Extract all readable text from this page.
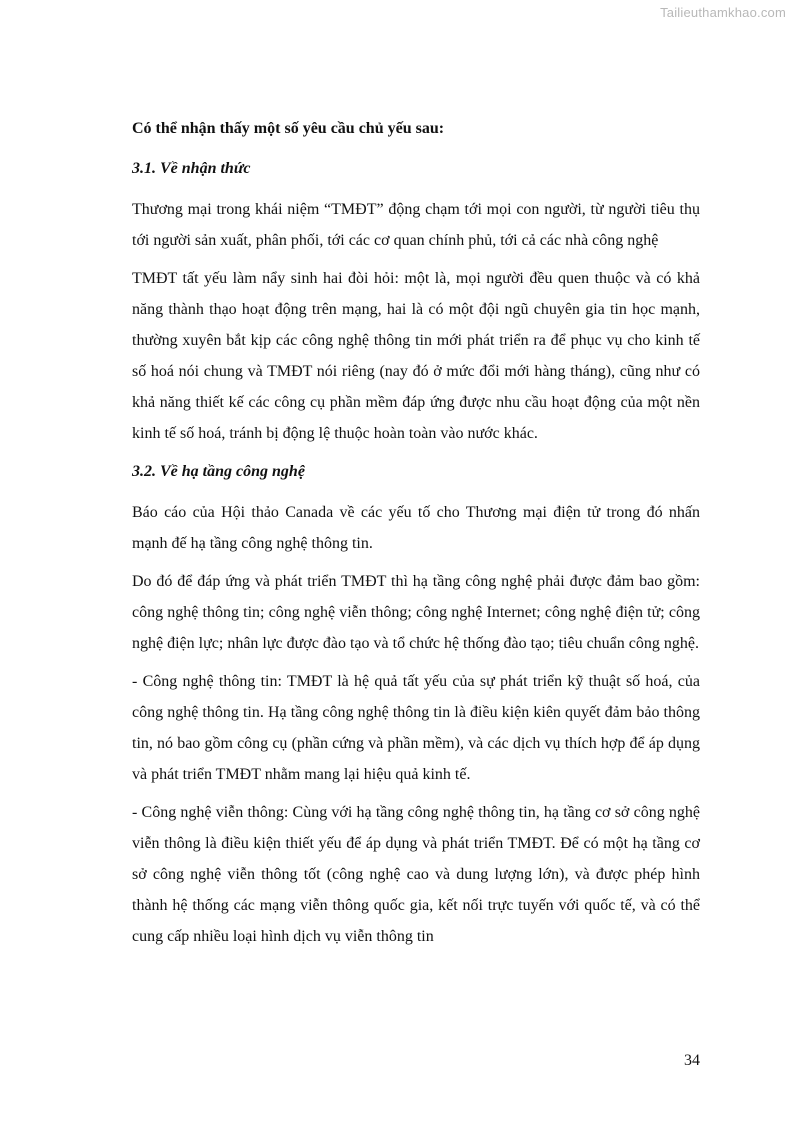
Tailieuthamkhao.com

Có thể nhận thấy một số yêu cầu chủ yếu sau:

3.1. Về nhận thức

Thương mại trong khái niệm “TMĐT” động chạm tới mọi con người, từ người tiêu thụ tới người sản xuất, phân phối, tới các cơ quan chính phủ, tới cả các nhà công nghệ

TMĐT tất yếu làm nẩy sinh hai đòi hỏi: một là, mọi người đều quen thuộc và có khả năng thành thạo hoạt động trên mạng, hai là có một đội ngũ chuyên gia tin học mạnh, thường xuyên bắt kịp các công nghệ thông tin mới phát triển ra để phục vụ cho kinh tế số hoá nói chung và TMĐT nói riêng (nay đó ở mức đổi mới hàng tháng), cũng như có khả năng thiết kế các công cụ phần mềm đáp ứng được nhu cầu hoạt động của một nền kinh tế số hoá, tránh bị động lệ thuộc hoàn toàn vào nước khác.

3.2. Về hạ tầng công nghệ

Báo cáo của Hội thảo Canada về các yếu tố cho Thương mại điện tử trong đó nhấn mạnh đế hạ tầng công nghệ thông tin.

Do đó để đáp ứng và phát triển TMĐT thì hạ tầng công nghệ phải được đảm bao gồm: công nghệ thông tin; công nghệ viễn thông; công nghệ Internet; công nghệ điện tử; công nghệ điện lực; nhân lực được đào tạo và tổ chức hệ thống đào tạo; tiêu chuẩn công nghệ.

- Công nghệ thông tin: TMĐT là hệ quả tất yếu của sự phát triển kỹ thuật số hoá, của công nghệ thông tin. Hạ tầng công nghệ thông tin là điều kiện kiên quyết đảm bảo thông tin, nó bao gồm công cụ (phần cứng và phần mềm), và các dịch vụ thích hợp để áp dụng và phát triển TMĐT nhằm mang lại hiệu quả kinh tế.

- Công nghệ viễn thông: Cùng với hạ tầng công nghệ thông tin, hạ tầng cơ sở công nghệ viễn thông là điều kiện thiết yếu để áp dụng và phát triển TMĐT. Để có một hạ tầng cơ sở công nghệ viễn thông tốt (công nghệ cao và dung lượng lớn), và được phép hình thành hệ thống các mạng viễn thông quốc gia, kết nối trực tuyến với quốc tế, và có thể cung cấp nhiều loại hình dịch vụ viễn thông tin

34
